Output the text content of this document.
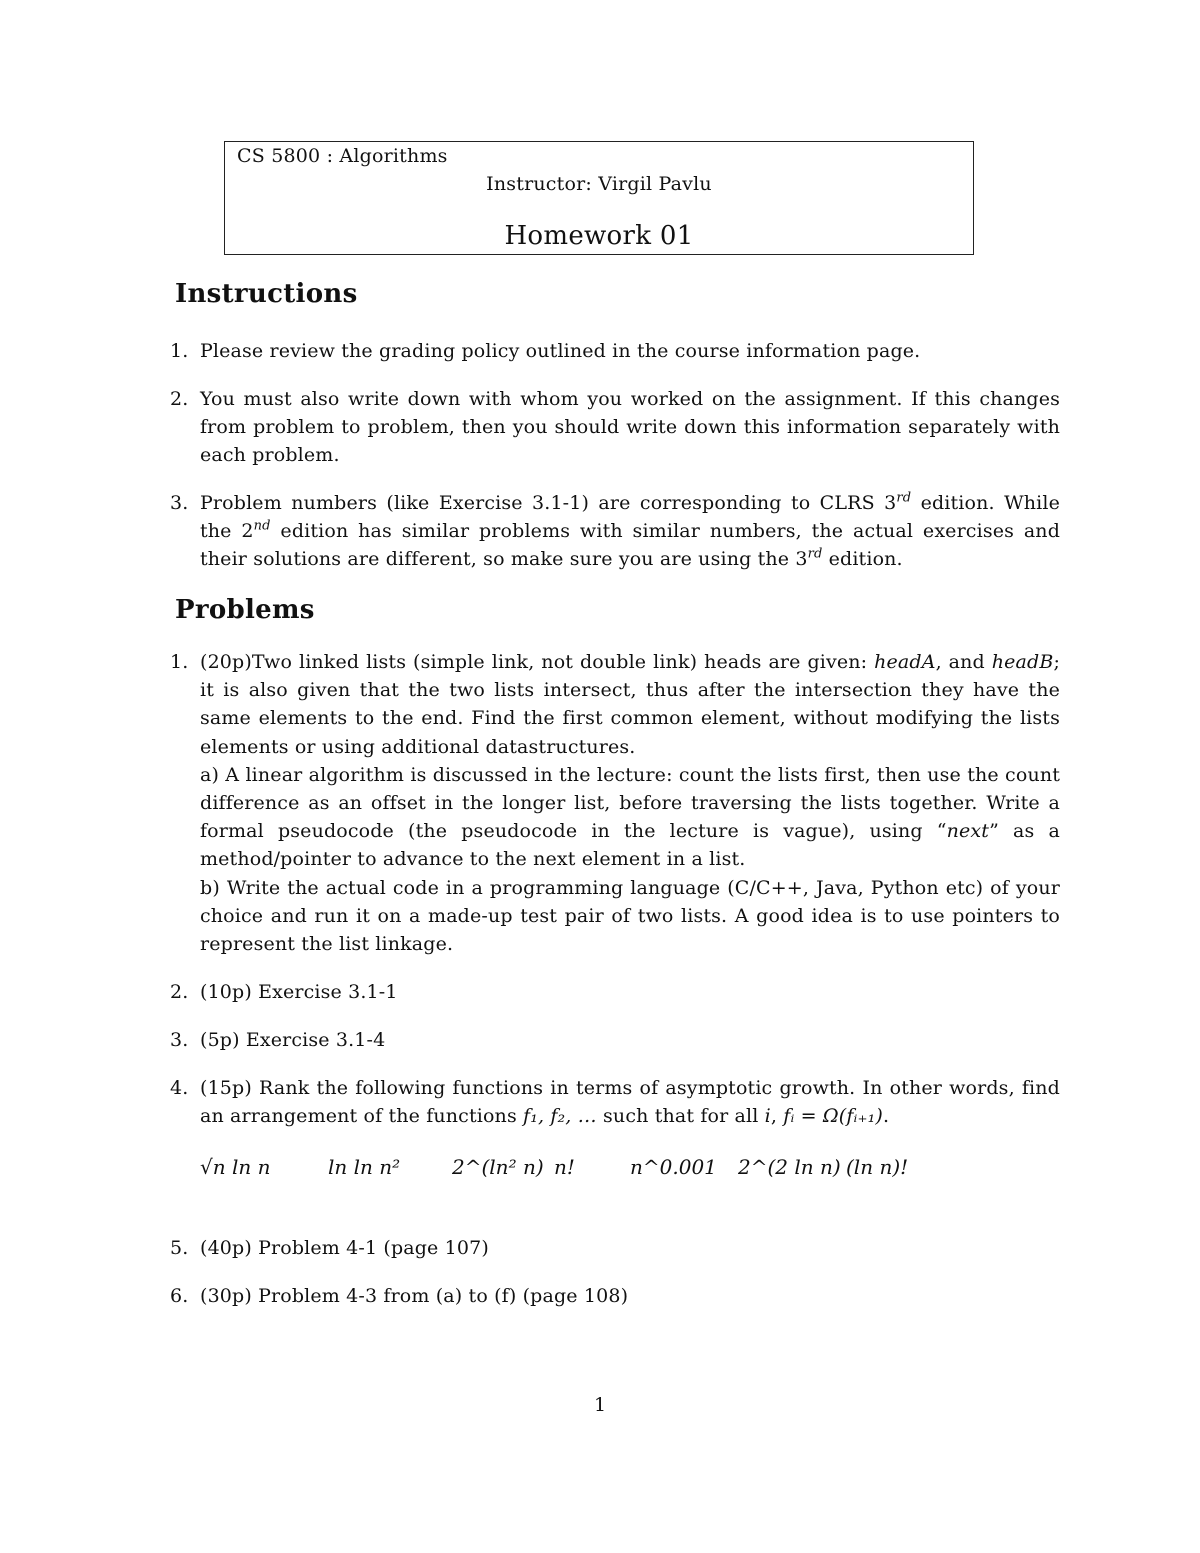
CS 5800 : Algorithms
Instructor: Virgil Pavlu
Homework 01
Instructions
1. Please review the grading policy outlined in the course information page.

2. You must also write down with whom you worked on the assignment. If this changes from problem to problem, then you should write down this information separately with each problem.

3. Problem numbers (like Exercise 3.1-1) are corresponding to CLRS 3rd edition. While the 2nd edition has similar problems with similar numbers, the actual exercises and their solutions are different, so make sure you are using the 3rd edition.

Problems
1. (20p)Two linked lists (simple link, not double link) heads are given: headA, and headB; it is also given that the two lists intersect, thus after the intersection they have the same elements to the end. Find the first common element, without modifying the lists elements or using additional datastructures.

a) A linear algorithm is discussed in the lecture: count the lists first, then use the count difference as an offset in the longer list, before traversing the lists together. Write a formal pseudocode (the pseudocode in the lecture is vague), using “next” as a method/pointer to advance to the next element in a list.

b) Write the actual code in a programming language (C/C++, Java, Python etc) of your choice and run it on a made-up test pair of two lists. A good idea is to use pointers to represent the list linkage.

2. (10p) Exercise 3.1-1

3. (5p) Exercise 3.1-4

4. (15p) Rank the following functions in terms of asymptotic growth. In other words, find an arrangement of the functions f₁, f₂, … such that for all i, fᵢ = Ω(fᵢ₊₁).

√n ln n	ln ln n²	2^(ln² n) n!	n^0.001 2^(2 ln n) (ln n)!
5. (40p) Problem 4-1 (page 107)

6. (30p) Problem 4-3 from (a) to (f) (page 108)

1
